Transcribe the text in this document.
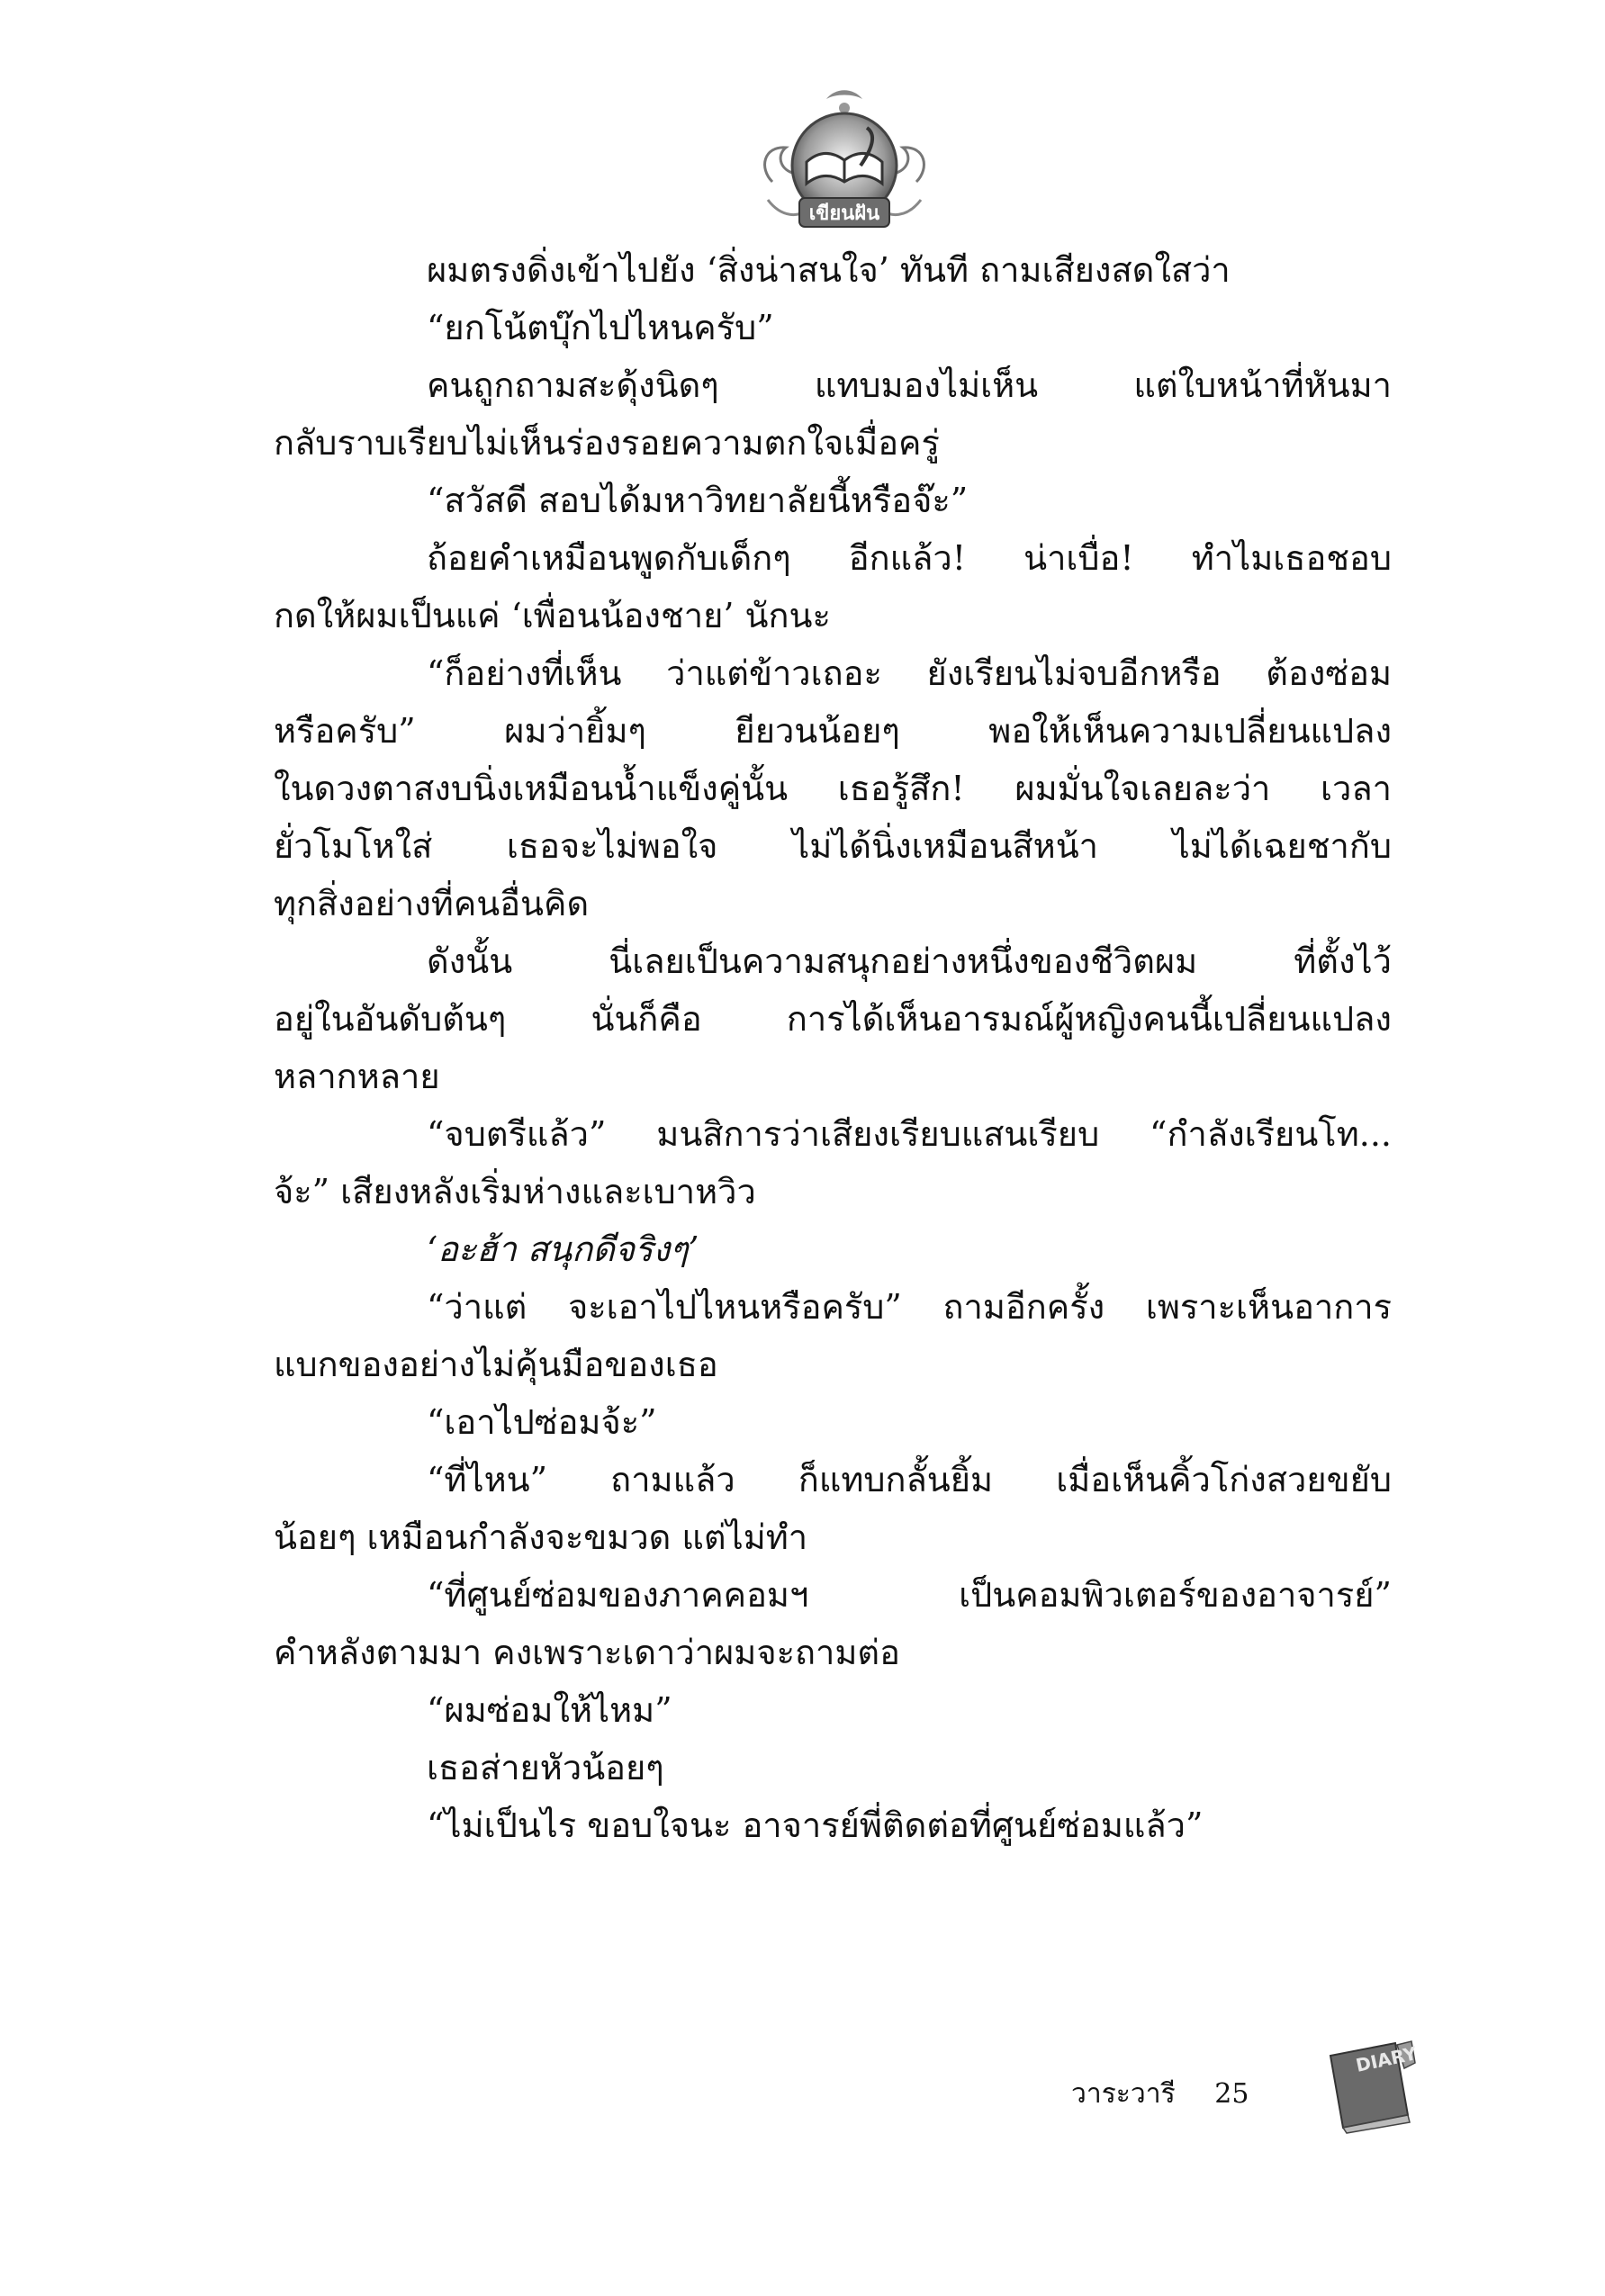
เขียนฝัน
ผมตรงดิ่งเข้าไปยัง ‘สิ่งน่าสนใจ’ ทันที ถามเสียงสดใสว่า
“ยกโน้ตบุ๊กไปไหนครับ”
คนถูกถามสะดุ้งนิดๆ แทบมองไม่เห็น แต่ใบหน้าที่หันมา
กลับราบเรียบไม่เห็นร่องรอยความตกใจเมื่อครู่
“สวัสดี สอบได้มหาวิทยาลัยนี้หรือจ๊ะ”
ถ้อยคำเหมือนพูดกับเด็กๆ อีกแล้ว! น่าเบื่อ! ทำไมเธอชอบ
กดให้ผมเป็นแค่ ‘เพื่อนน้องชาย’ นักนะ
“ก็อย่างที่เห็น ว่าแต่ข้าวเถอะ ยังเรียนไม่จบอีกหรือ ต้องซ่อม
หรือครับ” ผมว่ายิ้มๆ ยียวนน้อยๆ พอให้เห็นความเปลี่ยนแปลง
ในดวงตาสงบนิ่งเหมือนน้ำแข็งคู่นั้น เธอรู้สึก! ผมมั่นใจเลยละว่า เวลา
ยั่วโมโหใส่ เธอจะไม่พอใจ ไม่ได้นิ่งเหมือนสีหน้า ไม่ได้เฉยชากับ
ทุกสิ่งอย่างที่คนอื่นคิด
ดังนั้น นี่เลยเป็นความสนุกอย่างหนึ่งของชีวิตผม ที่ตั้งไว้
อยู่ในอันดับต้นๆ นั่นก็คือ การได้เห็นอารมณ์ผู้หญิงคนนี้เปลี่ยนแปลง
หลากหลาย
“จบตรีแล้ว” มนสิการว่าเสียงเรียบแสนเรียบ “กำลังเรียนโท...
จ้ะ” เสียงหลังเริ่มห่างและเบาหวิว
‘อะฮ้า สนุกดีจริงๆ’
“ว่าแต่ จะเอาไปไหนหรือครับ” ถามอีกครั้ง เพราะเห็นอาการ
แบกของอย่างไม่คุ้นมือของเธอ
“เอาไปซ่อมจ้ะ”
“ที่ไหน” ถามแล้ว ก็แทบกลั้นยิ้ม เมื่อเห็นคิ้วโก่งสวยขยับ
น้อยๆ เหมือนกำลังจะขมวด แต่ไม่ทำ
“ที่ศูนย์ซ่อมของภาคคอมฯ เป็นคอมพิวเตอร์ของอาจารย์”
คำหลังตามมา คงเพราะเดาว่าผมจะถามต่อ
“ผมซ่อมให้ไหม”
เธอส่ายหัวน้อยๆ
“ไม่เป็นไร ขอบใจนะ อาจารย์พี่ติดต่อที่ศูนย์ซ่อมแล้ว”
วาระวารี 25
DIARY
